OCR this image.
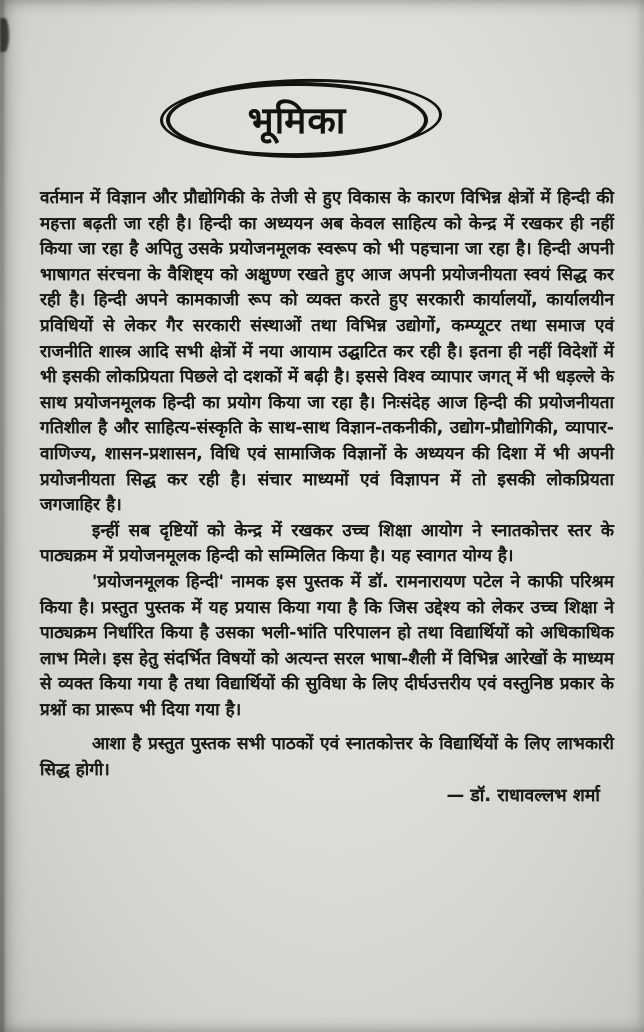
भूमिका

वर्तमान में विज्ञान और प्रौद्योगिकी के तेजी से हुए विकास के कारण विभिन्न क्षेत्रों में हिन्दी की महत्ता बढ़ती जा रही है। हिन्दी का अध्ययन अब केवल साहित्य को केन्द्र में रखकर ही नहीं किया जा रहा है अपितु उसके प्रयोजनमूलक स्वरूप को भी पहचाना जा रहा है। हिन्दी अपनी भाषागत संरचना के वैशिष्ट्य को अक्षुण्ण रखते हुए आज अपनी प्रयोजनीयता स्वयं सिद्ध कर रही है। हिन्दी अपने कामकाजी रूप को व्यक्त करते हुए सरकारी कार्यालयों, कार्यालयीन प्रविधियों से लेकर गैर सरकारी संस्थाओं तथा विभिन्न उद्योगों, कम्प्यूटर तथा समाज एवं राजनीति शास्त्र आदि सभी क्षेत्रों में नया आयाम उद्घाटित कर रही है। इतना ही नहीं विदेशों में भी इसकी लोकप्रियता पिछले दो दशकों में बढ़ी है। इससे विश्व व्यापार जगत् में भी धड़ल्ले के साथ प्रयोजनमूलक हिन्दी का प्रयोग किया जा रहा है। निःसंदेह आज हिन्दी की प्रयोजनीयता गतिशील है और साहित्य-संस्कृति के साथ-साथ विज्ञान-तकनीकी, उद्योग-प्रौद्योगिकी, व्यापार-वाणिज्य, शासन-प्रशासन, विधि एवं सामाजिक विज्ञानों के अध्ययन की दिशा में भी अपनी प्रयोजनीयता सिद्ध कर रही है। संचार माध्यमों एवं विज्ञापन में तो इसकी लोकप्रियता जगजाहिर है।

इन्हीं सब दृष्टियों को केन्द्र में रखकर उच्च शिक्षा आयोग ने स्नातकोत्तर स्तर के पाठ्यक्रम में प्रयोजनमूलक हिन्दी को सम्मिलित किया है। यह स्वागत योग्य है।

'प्रयोजनमूलक हिन्दी' नामक इस पुस्तक में डॉ. रामनारायण पटेल ने काफी परिश्रम किया है। प्रस्तुत पुस्तक में यह प्रयास किया गया है कि जिस उद्देश्य को लेकर उच्च शिक्षा ने पाठ्यक्रम निर्धारित किया है उसका भली-भांति परिपालन हो तथा विद्यार्थियों को अधिकाधिक लाभ मिले। इस हेतु संदर्भित विषयों को अत्यन्त सरल भाषा-शैली में विभिन्न आरेखों के माध्यम से व्यक्त किया गया है तथा विद्यार्थियों की सुविधा के लिए दीर्घउत्तरीय एवं वस्तुनिष्ठ प्रकार के प्रश्नों का प्रारूप भी दिया गया है।

आशा है प्रस्तुत पुस्तक सभी पाठकों एवं स्नातकोत्तर के विद्यार्थियों के लिए लाभकारी सिद्ध होगी।

— डॉ. राधावल्लभ शर्मा
